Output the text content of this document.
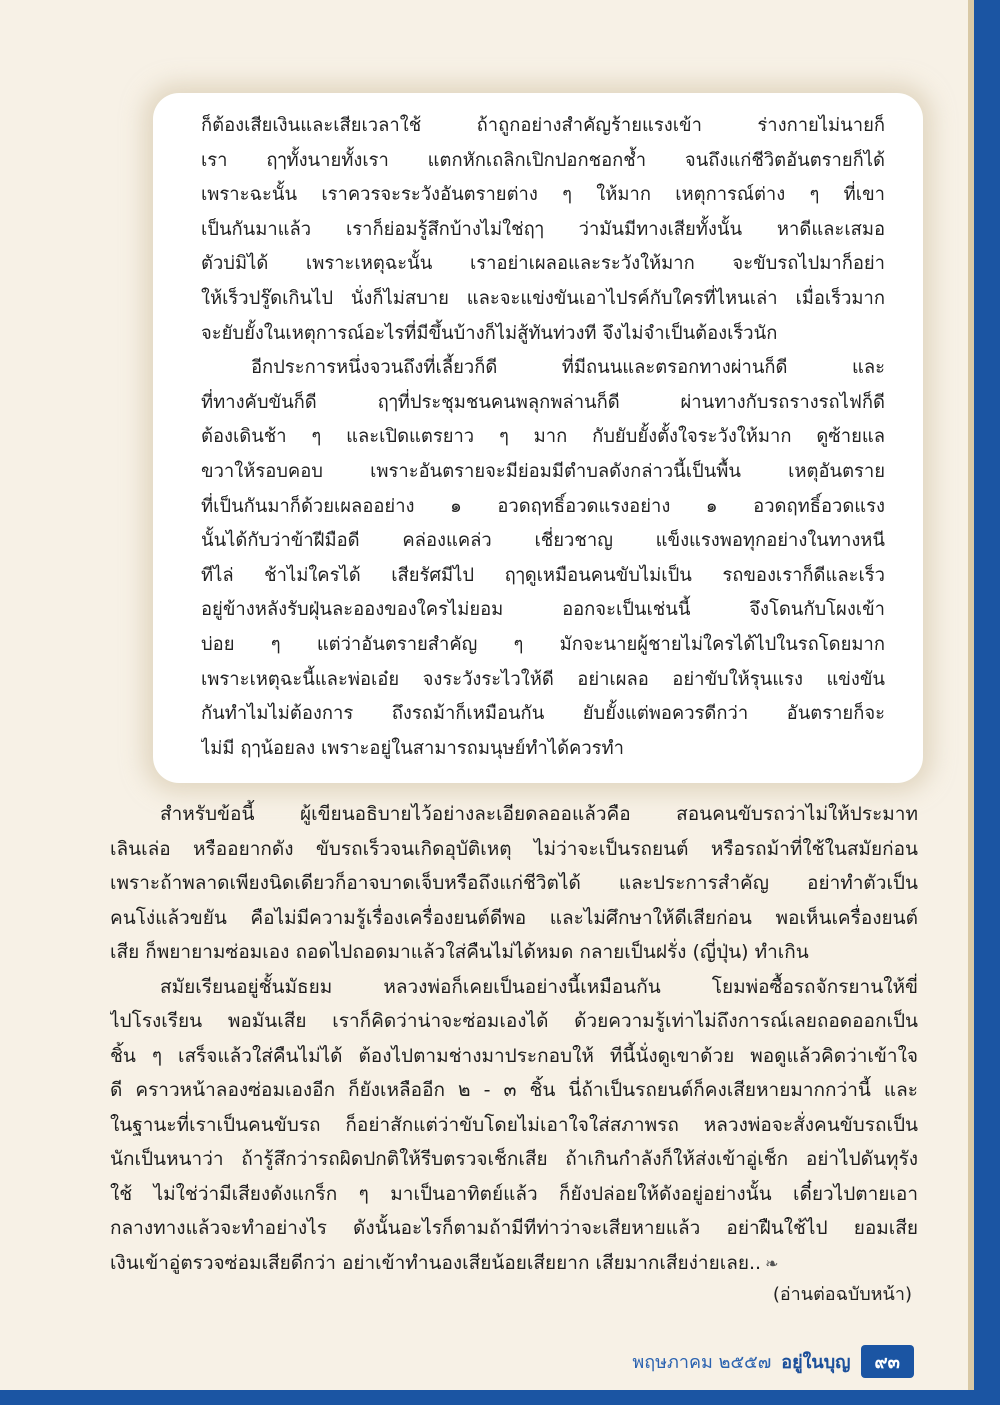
ก็ต้องเสียเงินและเสียเวลาใช้ ถ้าถูกอย่างสำคัญร้ายแรงเข้า ร่างกายไม่นายก็
เรา ฤๅทั้งนายทั้งเรา แตกหักเถลิกเปิกปอกชอกช้ำ จนถึงแก่ชีวิตอันตรายก็ได้
เพราะฉะนั้น เราควรจะระวังอันตรายต่าง ๆ ให้มาก เหตุการณ์ต่าง ๆ ที่เขา
เป็นกันมาแล้ว เราก็ย่อมรู้สึกบ้างไม่ใช่ฤๅ ว่ามันมีทางเสียทั้งนั้น หาดีและเสมอ
ตัวบ่มิได้ เพราะเหตุฉะนั้น เราอย่าเผลอและระวังให้มาก จะขับรถไปมาก็อย่า
ให้เร็วปรู๊ดเกินไป นั่งก็ไม่สบาย และจะแข่งขันเอาไปรค์กับใครที่ไหนเล่า เมื่อเร็วมาก
จะยับยั้งในเหตุการณ์อะไรที่มีขึ้นบ้างก็ไม่สู้ทันท่วงที จึงไม่จำเป็นต้องเร็วนัก
อีกประการหนึ่งจวนถึงที่เลี้ยวก็ดี ที่มีถนนและตรอกทางผ่านก็ดี และ
ที่ทางคับขันก็ดี ฤๅที่ประชุมชนคนพลุกพล่านก็ดี ผ่านทางกับรถรางรถไฟก็ดี
ต้องเดินช้า ๆ และเปิดแตรยาว ๆ มาก กับยับยั้งตั้งใจระวังให้มาก ดูซ้ายแล
ขวาให้รอบคอบ เพราะอันตรายจะมีย่อมมีตำบลดังกล่าวนี้เป็นพื้น เหตุอันตราย
ที่เป็นกันมาก็ด้วยเผลออย่าง ๑ อวดฤทธิ์อวดแรงอย่าง ๑ อวดฤทธิ์อวดแรง
นั้นได้กับว่าข้าฝีมือดี คล่องแคล่ว เชี่ยวชาญ แข็งแรงพอทุกอย่างในทางหนี
ทีไล่ ช้าไม่ใครได้ เสียรัศมีไป ฤๅดูเหมือนคนขับไม่เป็น รถของเราก็ดีและเร็ว
อยู่ข้างหลังรับฝุ่นละอองของใครไม่ยอม ออกจะเป็นเช่นนี้ จึงโดนกับโผงเข้า
บ่อย ๆ แต่ว่าอันตรายสำคัญ ๆ มักจะนายผู้ชายไม่ใครได้ไปในรถโดยมาก
เพราะเหตุฉะนี้และพ่อเอ๋ย จงระวังระไวให้ดี อย่าเผลอ อย่าขับให้รุนแรง แข่งขัน
กันทำไมไม่ต้องการ ถึงรถม้าก็เหมือนกัน ยับยั้งแต่พอควรดีกว่า อันตรายก็จะ
ไม่มี ฤๅน้อยลง เพราะอยู่ในสามารถมนุษย์ทำได้ควรทำ
สำหรับข้อนี้ ผู้เขียนอธิบายไว้อย่างละเอียดลออแล้วคือ สอนคนขับรถว่าไม่ให้ประมาท
เลินเล่อ หรืออยากดัง ขับรถเร็วจนเกิดอุบัติเหตุ ไม่ว่าจะเป็นรถยนต์ หรือรถม้าที่ใช้ในสมัยก่อน
เพราะถ้าพลาดเพียงนิดเดียวก็อาจบาดเจ็บหรือถึงแก่ชีวิตได้ และประการสำคัญ อย่าทำตัวเป็น
คนโง่แล้วขยัน คือไม่มีความรู้เรื่องเครื่องยนต์ดีพอ และไม่ศึกษาให้ดีเสียก่อน พอเห็นเครื่องยนต์
เสีย ก็พยายามซ่อมเอง ถอดไปถอดมาแล้วใส่คืนไม่ได้หมด กลายเป็นฝรั่ง (ญี่ปุ่น) ทำเกิน
สมัยเรียนอยู่ชั้นมัธยม หลวงพ่อก็เคยเป็นอย่างนี้เหมือนกัน โยมพ่อซื้อรถจักรยานให้ขี่
ไปโรงเรียน พอมันเสีย เราก็คิดว่าน่าจะซ่อมเองได้ ด้วยความรู้เท่าไม่ถึงการณ์เลยถอดออกเป็น
ชิ้น ๆ เสร็จแล้วใส่คืนไม่ได้ ต้องไปตามช่างมาประกอบให้ ทีนี้นั่งดูเขาด้วย พอดูแล้วคิดว่าเข้าใจ
ดี คราวหน้าลองซ่อมเองอีก ก็ยังเหลืออีก ๒ - ๓ ชิ้น นี่ถ้าเป็นรถยนต์ก็คงเสียหายมากกว่านี้ และ
ในฐานะที่เราเป็นคนขับรถ ก็อย่าสักแต่ว่าขับโดยไม่เอาใจใส่สภาพรถ หลวงพ่อจะสั่งคนขับรถเป็น
นักเป็นหนาว่า ถ้ารู้สึกว่ารถผิดปกติให้รีบตรวจเช็กเสีย ถ้าเกินกำลังก็ให้ส่งเข้าอู่เช็ก อย่าไปดันทุรัง
ใช้ ไม่ใช่ว่ามีเสียงดังแกร็ก ๆ มาเป็นอาทิตย์แล้ว ก็ยังปล่อยให้ดังอยู่อย่างนั้น เดี๋ยวไปตายเอา
กลางทางแล้วจะทำอย่างไร ดังนั้นอะไรก็ตามถ้ามีทีท่าว่าจะเสียหายแล้ว อย่าฝืนใช้ไป ยอมเสีย
เงินเข้าอู่ตรวจซ่อมเสียดีกว่า อย่าเข้าทำนองเสียน้อยเสียยาก เสียมากเสียง่ายเลย.. ❧
(อ่านต่อฉบับหน้า)
พฤษภาคม ๒๕๕๗ อยู่ในบุญ	๙๓
